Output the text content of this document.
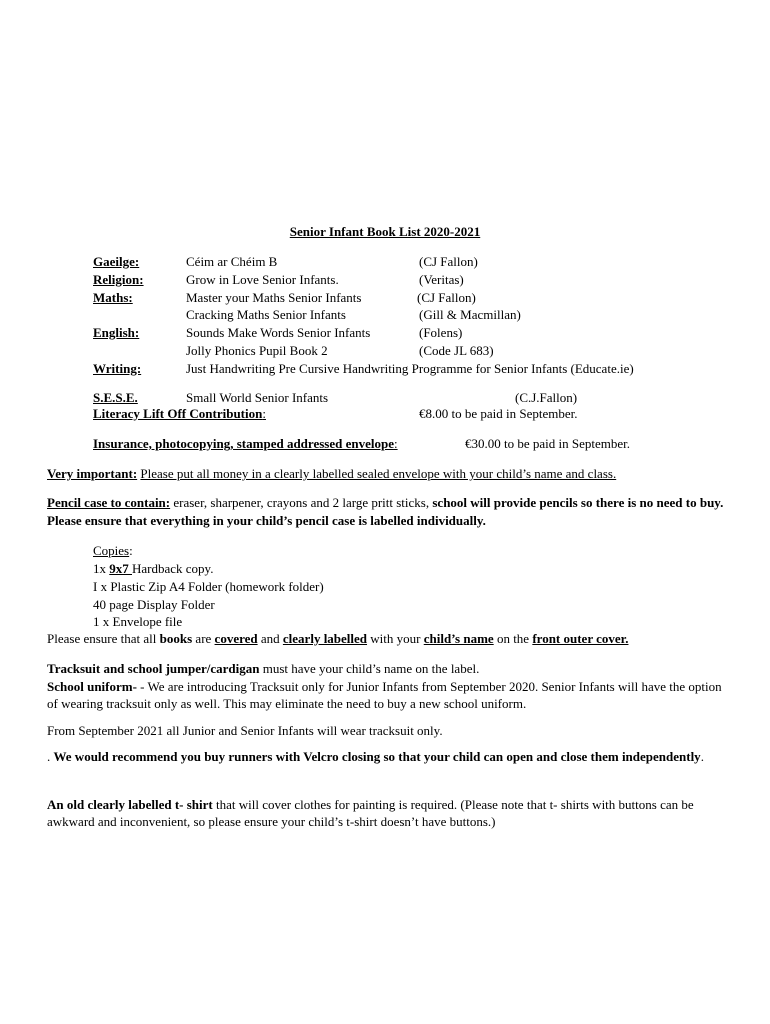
Senior Infant Book List 2020-2021
Gaeilge:	Céim ar Chéim B	(CJ Fallon)
Religion:	Grow in Love Senior Infants.	(Veritas)
Maths:	Master your Maths Senior Infants	(CJ Fallon)
Cracking Maths Senior Infants	(Gill & Macmillan)
English:	Sounds Make Words Senior Infants	(Folens)
Jolly Phonics Pupil Book 2	(Code JL 683)
Writing:	Just Handwriting Pre Cursive Handwriting Programme for Senior Infants (Educate.ie)
S.E.S.E.	Small World Senior Infants	(C.J.Fallon)
Literacy Lift Off Contribution:	€8.00 to be paid in September.
Insurance, photocopying, stamped addressed envelope:	€30.00 to be paid in September.
Very important: Please put all money in a clearly labelled sealed envelope with your child’s name and class.
Pencil case to contain: eraser, sharpener, crayons and 2 large pritt sticks, school will provide pencils so there is no need to buy. Please ensure that everything in your child’s pencil case is labelled individually.
Copies:
1x 9x7 Hardback copy.
I x Plastic Zip A4 Folder (homework folder)
40 page Display Folder
1 x Envelope file
Please ensure that all books are covered and clearly labelled with your child’s name on the front outer cover.
Tracksuit and school jumper/cardigan must have your child’s name on the label.
School uniform- - We are introducing Tracksuit only for Junior Infants from September 2020. Senior Infants will have the option of wearing tracksuit only as well. This may eliminate the need to buy a new school uniform.
From September 2021 all Junior and Senior Infants will wear tracksuit only.
. We would recommend you buy runners with Velcro closing so that your child can open and close them independently.
An old clearly labelled t- shirt that will cover clothes for painting is required. (Please note that t- shirts with buttons can be awkward and inconvenient, so please ensure your child’s t-shirt doesn’t have buttons.)
